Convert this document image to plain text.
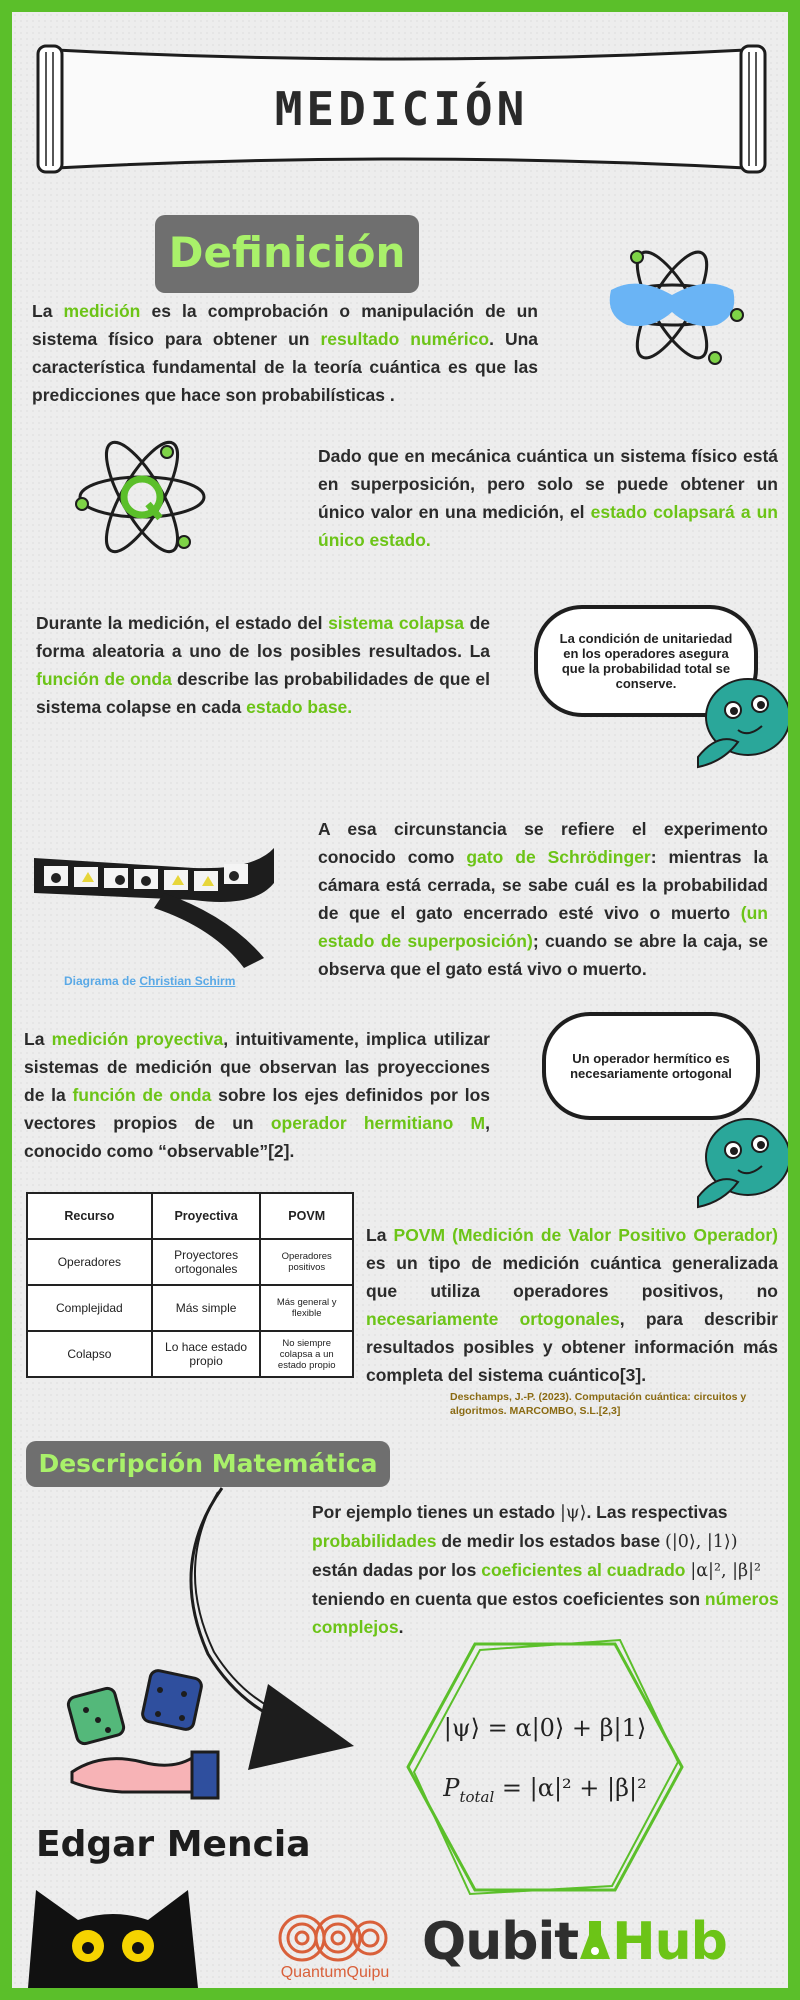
MEDICIÓN
Definición
La medición es la comprobación o manipulación de un sistema físico para obtener un resultado numérico. Una característica fundamental de la teoría cuántica es que las predicciones que hace son probabilísticas .
Dado que en mecánica cuántica un sistema físico está en superposición, pero solo se puede obtener un único valor en una medición, el estado colapsará a un único estado.
Durante la medición, el estado del sistema colapsa de forma aleatoria a uno de los posibles resultados. La función de onda describe las probabilidades de que el sistema colapse en cada estado base.
La condición de unitariedad en los operadores asegura que la probabilidad total se conserve.
Diagrama de Christian Schirm
A esa circunstancia se refiere el experimento conocido como gato de Schrödinger: mientras la cámara está cerrada, se sabe cuál es la probabilidad de que el gato encerrado esté vivo o muerto (un estado de superposición); cuando se abre la caja, se observa que el gato está vivo o muerto.
La medición proyectiva, intuitivamente, implica utilizar sistemas de medición que observan las proyecciones de la función de onda sobre los ejes definidos por los vectores propios de un operador hermitiano M, conocido como “observable”[2].
Un operador hermítico es necesariamente ortogonal
Recurso	Proyectiva	POVM
Operadores	Proyectores ortogonales	Operadores positivos
Complejidad	Más simple	Más general y flexible
Colapso	Lo hace estado propio	No siempre colapsa a un estado propio
La POVM (Medición de Valor Positivo Operador) es un tipo de medición cuántica generalizada que utiliza operadores positivos, no necesariamente ortogonales, para describir resultados posibles y obtener información más completa del sistema cuántico[3].
Deschamps, J.-P. (2023). Computación cuántica: circuitos y algoritmos. MARCOMBO, S.L.[2,3]
Descripción Matemática
Por ejemplo tienes un estado |ψ⟩. Las respectivas probabilidades de medir los estados base (|0⟩, |1⟩) están dadas por los coeficientes al cuadrado |α|², |β|² teniendo en cuenta que estos coeficientes son números complejos.
|ψ⟩ = α|0⟩ + β|1⟩
$P_{total} = |\alpha|^2 + |\beta|^2$
Edgar Mencia
QuantumQuipu
Qubit Hub
